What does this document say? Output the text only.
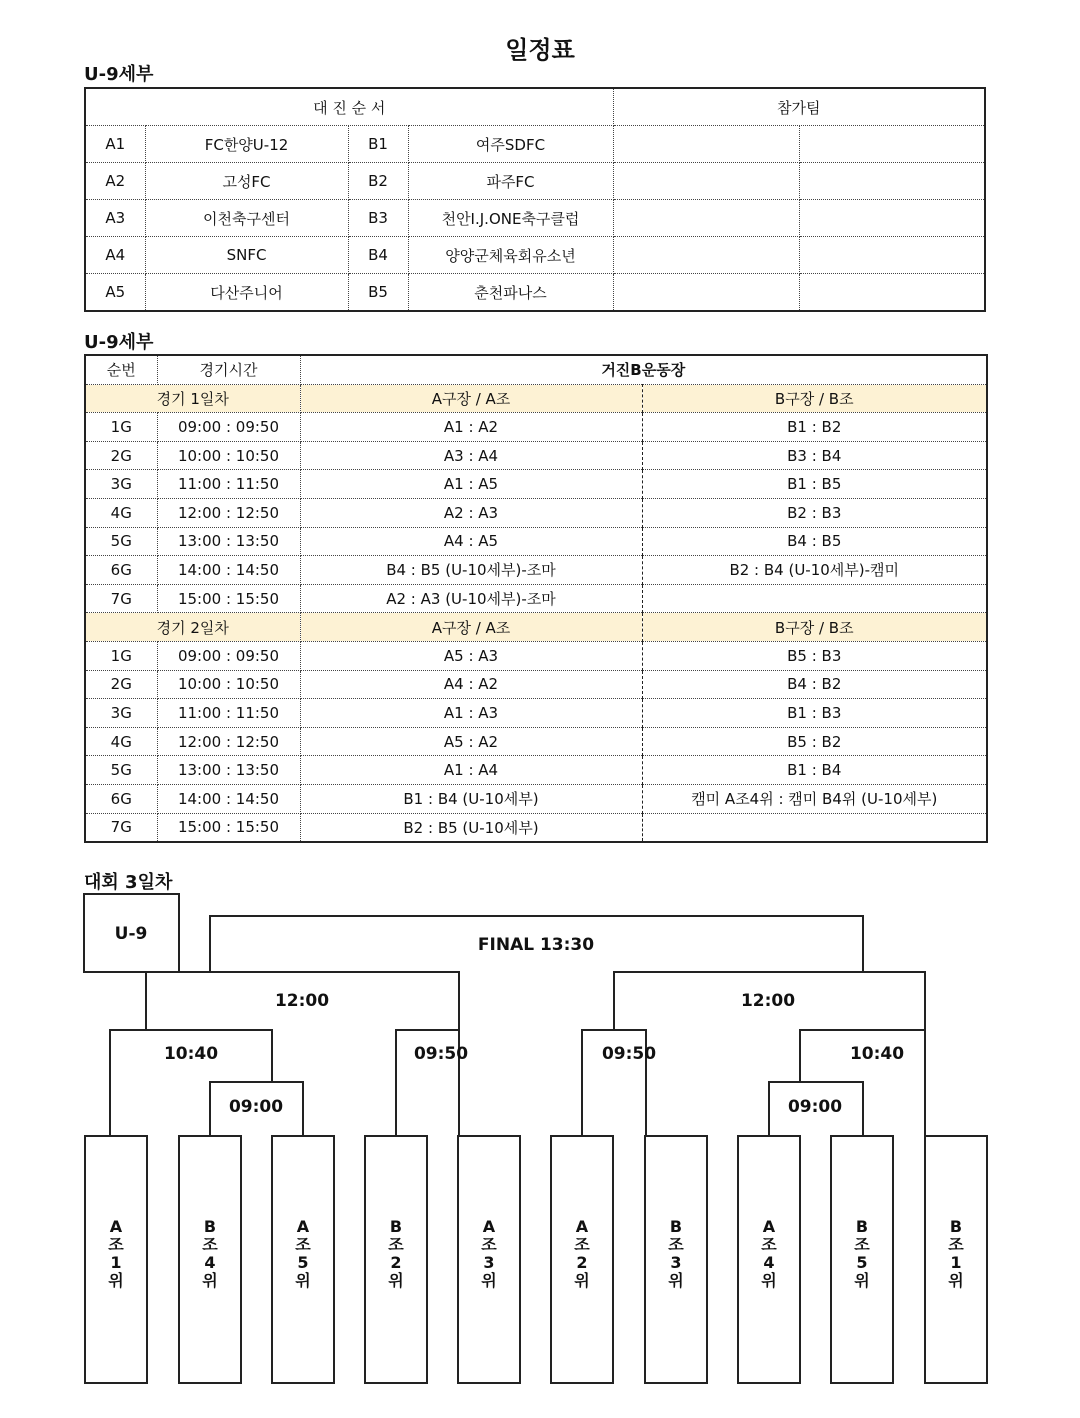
일정표
U-9세부
대 진 순 서				참가팀	
A1	FC한양U-12	B1	여주SDFC		
A2	고성FC	B2	파주FC		
A3	이천축구센터	B3	천안I.J.ONE축구클럽		
A4	SNFC	B4	양양군체육회유소년		
A5	다산주니어	B5	춘천파나스		
U-9세부
순번	경기시간	거진B운동장	
경기 1일차		A구장 / A조	B구장 / B조
1G	09:00 : 09:50	A1 : A2	B1 : B2
2G	10:00 : 10:50	A3 : A4	B3 : B4
3G	11:00 : 11:50	A1 : A5	B1 : B5
4G	12:00 : 12:50	A2 : A3	B2 : B3
5G	13:00 : 13:50	A4 : A5	B4 : B5
6G	14:00 : 14:50	B4 : B5 (U-10세부)-조마	B2 : B4 (U-10세부)-캠미
7G	15:00 : 15:50	A2 : A3 (U-10세부)-조마	
경기 2일차		A구장 / A조	B구장 / B조
1G	09:00 : 09:50	A5 : A3	B5 : B3
2G	10:00 : 10:50	A4 : A2	B4 : B2
3G	11:00 : 11:50	A1 : A3	B1 : B3
4G	12:00 : 12:50	A5 : A2	B5 : B2
5G	13:00 : 13:50	A1 : A4	B1 : B4
6G	14:00 : 14:50	B1 : B4 (U-10세부)	캠미 A조4위 : 캠미 B4위 (U-10세부)
7G	15:00 : 15:50	B2 : B5 (U-10세부)	
대회 3일차
A 조 1 위
B 조 4 위
A 조 5 위
B 조 2 위
A 조 3 위
A 조 2 위
B 조 3 위
A 조 4 위
B 조 5 위
B 조 1 위
U-9
FINAL 13:30
12:00	12:00
10:40	09:50	09:50	10:40
09:00	09:00
